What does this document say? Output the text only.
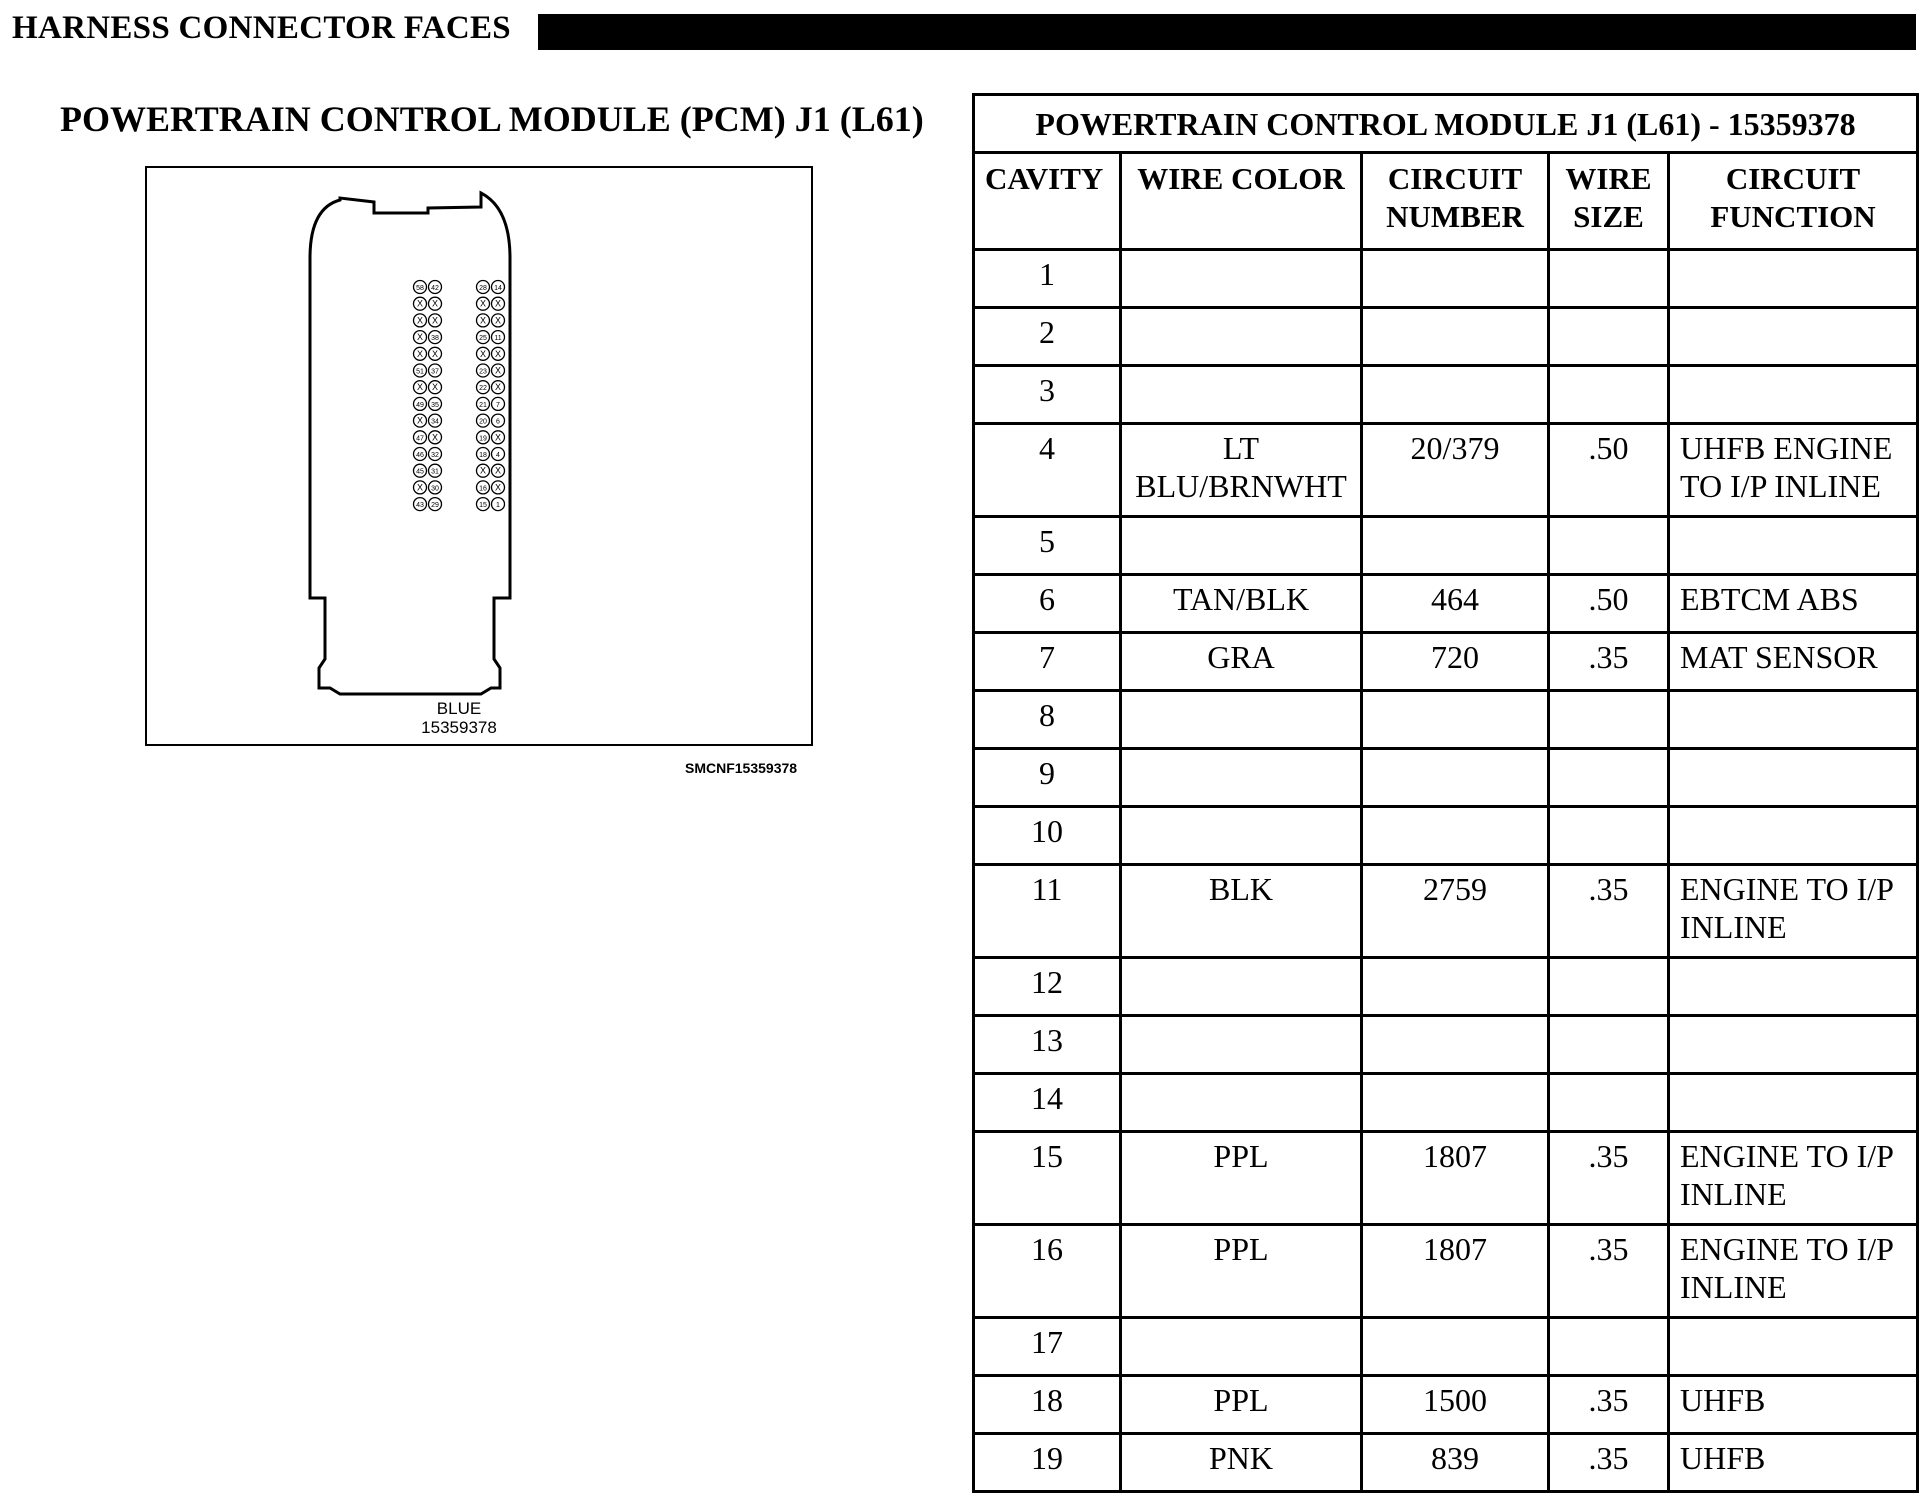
HARNESS CONNECTOR FACES
POWERTRAIN CONTROL MODULE (PCM) J1 (L61)
58 42
X X
X X
X 38
X X
51 37
X X
49 35
X 34
47 X
46 32
45 31
X 30
43 29
28 14
X X
X X
25 11
X X
23 X
22 X
21 7
20 6
19 X
18 4
X X
16 X
15 1
BLUE
15359378
SMCNF15359378
POWERTRAIN CONTROL MODULE J1 (L61) - 15359378				
CAVITY	WIRE COLOR	CIRCUIT NUMBER	WIRE SIZE	CIRCUIT FUNCTION
1				
2				
3				
4	LT BLU/BRNWHT	20/379	.50	UHFB ENGINE TO I/P INLINE
5				
6	TAN/BLK	464	.50	EBTCM ABS
7	GRA	720	.35	MAT SENSOR
8				
9				
10				
11	BLK	2759	.35	ENGINE TO I/P INLINE
12				
13				
14				
15	PPL	1807	.35	ENGINE TO I/P INLINE
16	PPL	1807	.35	ENGINE TO I/P INLINE
17				
18	PPL	1500	.35	UHFB
19	PNK	839	.35	UHFB
